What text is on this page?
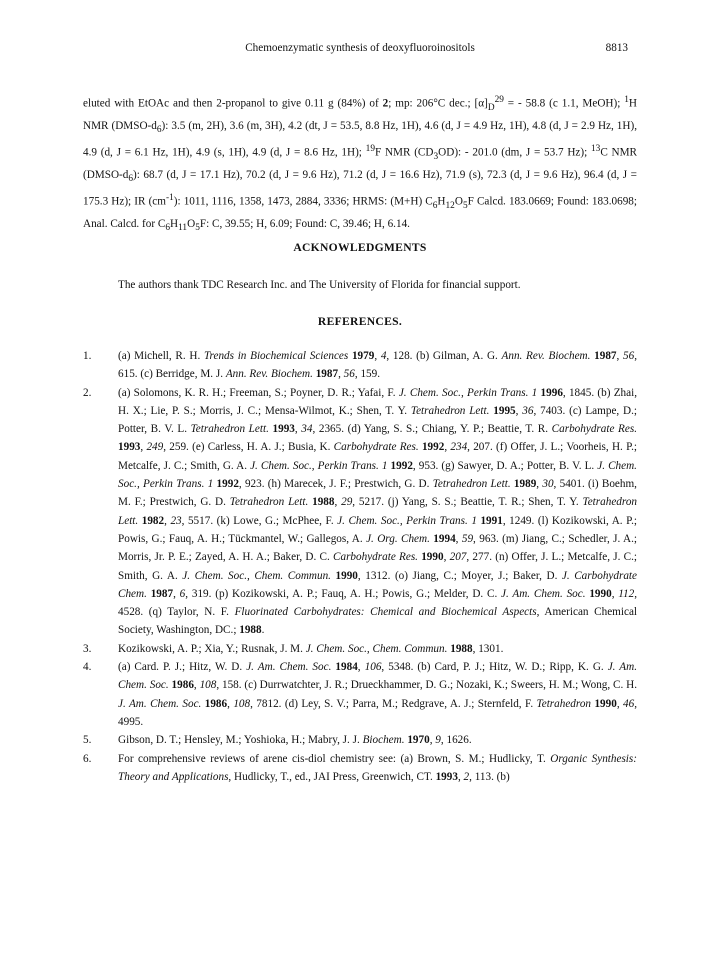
Chemoenzymatic synthesis of deoxyfluoroinositols	8813

eluted with EtOAc and then 2-propanol to give 0.11 g (84%) of 2; mp: 206°C dec.; $[\alpha]_D^{29}$ = - 58.8 (c 1.1, MeOH); $^1$H NMR $(DMSO-d_6)$: 3.5 (m, 2H), 3.6 (m, 3H), 4.2 (dt, J = 53.5, 8.8 Hz, 1H), 4.6 (d, J = 4.9 Hz, 1H), 4.8 (d, J = 2.9 Hz, 1H), 4.9 (d, J = 6.1 Hz, 1H), 4.9 (s, 1H), 4.9 (d, J = 8.6 Hz, 1H); $^{19}$F NMR $(CD_3OD)$: - 201.0 (dm, J = 53.7 Hz); $^{13}$C NMR $(DMSO-d_6)$: 68.7 (d, J = 17.1 Hz), 70.2 (d, J = 9.6 Hz), 71.2 (d, J = 16.6 Hz), 71.9 (s), 72.3 (d, J = 9.6 Hz), 96.4 (d, J = 175.3 Hz); IR $(cm^{-1})$: 1011, 1116, 1358, 1473, 2884, 3336; HRMS: (M+H) $C_6H_{12}O_5F$ Calcd. 183.0669; Found: 183.0698; Anal. Calcd. for $C_6H_{11}O_5F$: C, 39.55; H, 6.09; Found: C, 39.46; H, 6.14.

ACKNOWLEDGMENTS

The authors thank TDC Research Inc. and The University of Florida for financial support.

REFERENCES.
1. (a) Michell, R. H. Trends in Biochemical Sciences 1979, 4, 128. (b) Gilman, A. G. Ann. Rev. Biochem. 1987, 56, 615. (c) Berridge, M. J. Ann. Rev. Biochem. 1987, 56, 159.
2. (a) Solomons, K. R. H.; Freeman, S.; Poyner, D. R.; Yafai, F. J. Chem. Soc., Perkin Trans. 1 1996, 1845. (b) Zhai, H. X.; Lie, P. S.; Morris, J. C.; Mensa-Wilmot, K.; Shen, T. Y. Tetrahedron Lett. 1995, 36, 7403. (c) Lampe, D.; Potter, B. V. L. Tetrahedron Lett. 1993, 34, 2365. (d) Yang, S. S.; Chiang, Y. P.; Beattie, T. R. Carbohydrate Res. 1993, 249, 259. (e) Carless, H. A. J.; Busia, K. Carbohydrate Res. 1992, 234, 207. (f) Offer, J. L.; Voorheis, H. P.; Metcalfe, J. C.; Smith, G. A. J. Chem. Soc., Perkin Trans. 1 1992, 953. (g) Sawyer, D. A.; Potter, B. V. L. J. Chem. Soc., Perkin Trans. 1 1992, 923. (h) Marecek, J. F.; Prestwich, G. D. Tetrahedron Lett. 1989, 30, 5401. (i) Boehm, M. F.; Prestwich, G. D. Tetrahedron Lett. 1988, 29, 5217. (j) Yang, S. S.; Beattie, T. R.; Shen, T. Y. Tetrahedron Lett. 1982, 23, 5517. (k) Lowe, G.; McPhee, F. J. Chem. Soc., Perkin Trans. 1 1991, 1249. (l) Kozikowski, A. P.; Powis, G.; Fauq, A. H.; Tückmantel, W.; Gallegos, A. J. Org. Chem. 1994, 59, 963. (m) Jiang, C.; Schedler, J. A.; Morris, Jr. P. E.; Zayed, A. H. A.; Baker, D. C. Carbohydrate Res. 1990, 207, 277. (n) Offer, J. L.; Metcalfe, J. C.; Smith, G. A. J. Chem. Soc., Chem. Commun. 1990, 1312. (o) Jiang, C.; Moyer, J.; Baker, D. J. Carbohydrate Chem. 1987, 6, 319. (p) Kozikowski, A. P.; Fauq, A. H.; Powis, G.; Melder, D. C. J. Am. Chem. Soc. 1990, 112, 4528. (q) Taylor, N. F. Fluorinated Carbohydrates: Chemical and Biochemical Aspects, American Chemical Society, Washington, DC.; 1988.
3. Kozikowski, A. P.; Xia, Y.; Rusnak, J. M. J. Chem. Soc., Chem. Commun. 1988, 1301.
4. (a) Card. P. J.; Hitz, W. D. J. Am. Chem. Soc. 1984, 106, 5348. (b) Card, P. J.; Hitz, W. D.; Ripp, K. G. J. Am. Chem. Soc. 1986, 108, 158. (c) Durrwatchter, J. R.; Drueckhammer, D. G.; Nozaki, K.; Sweers, H. M.; Wong, C. H. J. Am. Chem. Soc. 1986, 108, 7812. (d) Ley, S. V.; Parra, M.; Redgrave, A. J.; Sternfeld, F. Tetrahedron 1990, 46, 4995.
5. Gibson, D. T.; Hensley, M.; Yoshioka, H.; Mabry, J. J. Biochem. 1970, 9, 1626.
6. For comprehensive reviews of arene cis-diol chemistry see: (a) Brown, S. M.; Hudlicky, T. Organic Synthesis: Theory and Applications, Hudlicky, T., ed., JAI Press, Greenwich, CT. 1993, 2, 113. (b)
